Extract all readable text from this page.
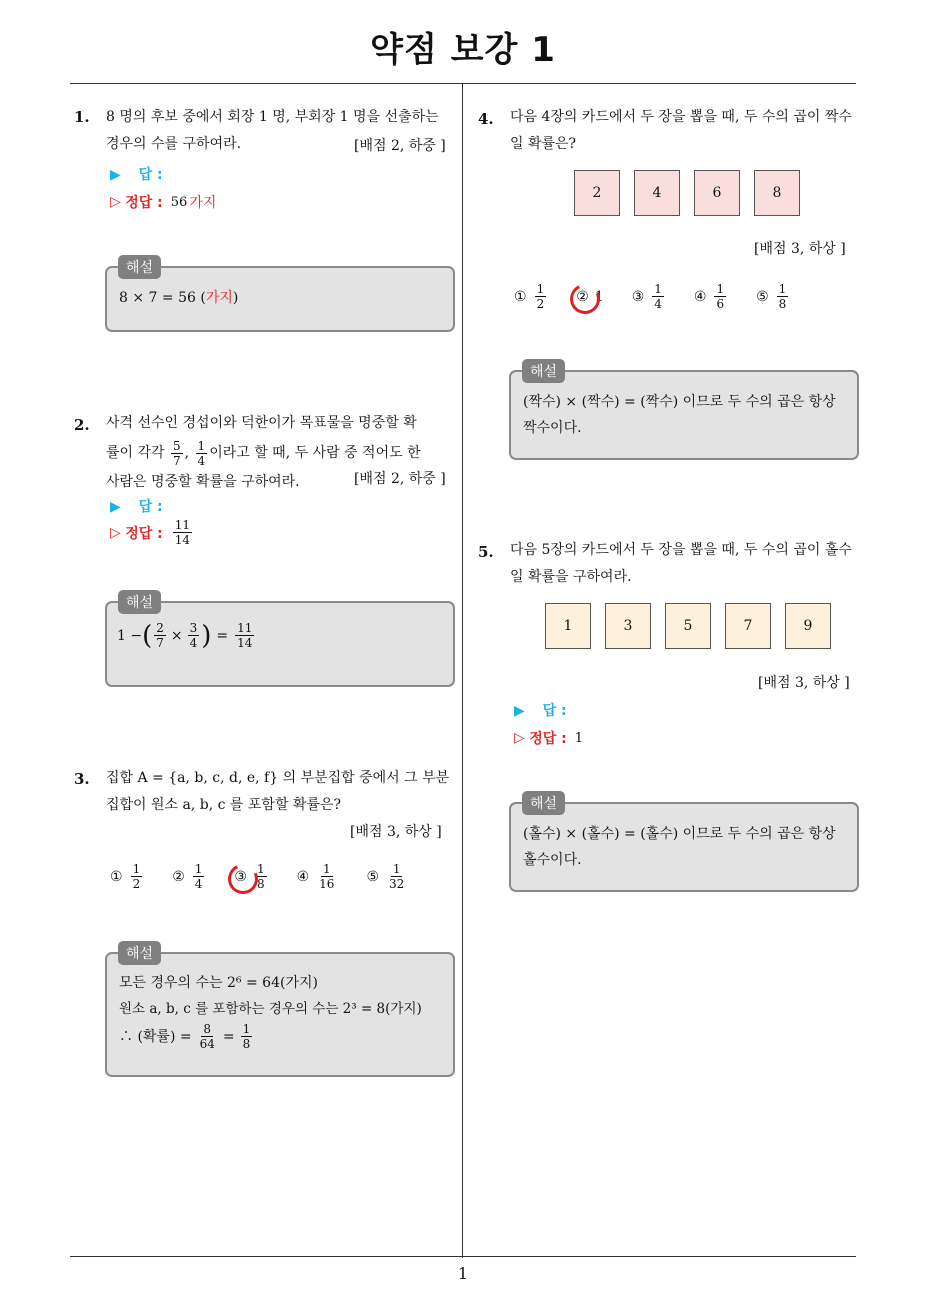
약점 보강 1
1
1. 8 명의 후보 중에서 회장 1 명, 부회장 1 명을 선출하는 경우의 수를 구하여라.	[배점 2, 하중 ]
▶ 답 :
▷
정답 : 56 가지
8 × 7 = 56 (가지)
해설
2. 사격 선수인 경섭이와 덕한이가 목표물을 명중할 확
률이 각각 $\frac{5}{7}$ , $\frac{1}{4}$ 이라고 할 때, 두 사람 중 적어도 한
사람은 명중할 확률을 구하여라.	[배점 2, 하중 ]
▶ 답 :
▷
정답 : $\frac{11}{14}$
1 − ( $\frac{2}{7} \times \frac{3}{4}$ ) = $\frac{11}{14}$
해설
3. 집합 A = {a, b, c, d, e, f} 의 부분집합 중에서 그 부분
집합이 원소 a, b, c 를 포함할 확률은?
[배점 3, 하상 ]
① $\frac{1}{2}$ ② $\frac{1}{4}$ ③ $\frac{1}{8}$ ④ $\frac{1}{16}$ ⑤ $\frac{1}{32}$
모든 경우의 수는 2⁶ = 64(가지)
원소 a, b, c 를 포함하는 경우의 수는 2³ = 8(가지)
∴ (확률) = $\frac{8}{64} = \frac{1}{8}$
해설
4. 다음 4장의 카드에서 두 장을 뽑을 때, 두 수의 곱이 짝수일 확률은?
2	4	6	8
[배점 3, 하상 ]
① $\frac{1}{2}$ ② 1 ③ $\frac{1}{4}$ ④ $\frac{1}{6}$ ⑤ $\frac{1}{8}$
(짝수) × (짝수) = (짝수) 이므로 두 수의 곱은 항상 짝수이다.
해설
5. 다음 5장의 카드에서 두 장을 뽑을 때, 두 수의 곱이 홀수일 확률을 구하여라.
1	3	5	7	9
[배점 3, 하상 ]
▶ 답 :
▷
정답 : 1
(홀수) × (홀수) = (홀수) 이므로 두 수의 곱은 항상 홀수이다.
해설
